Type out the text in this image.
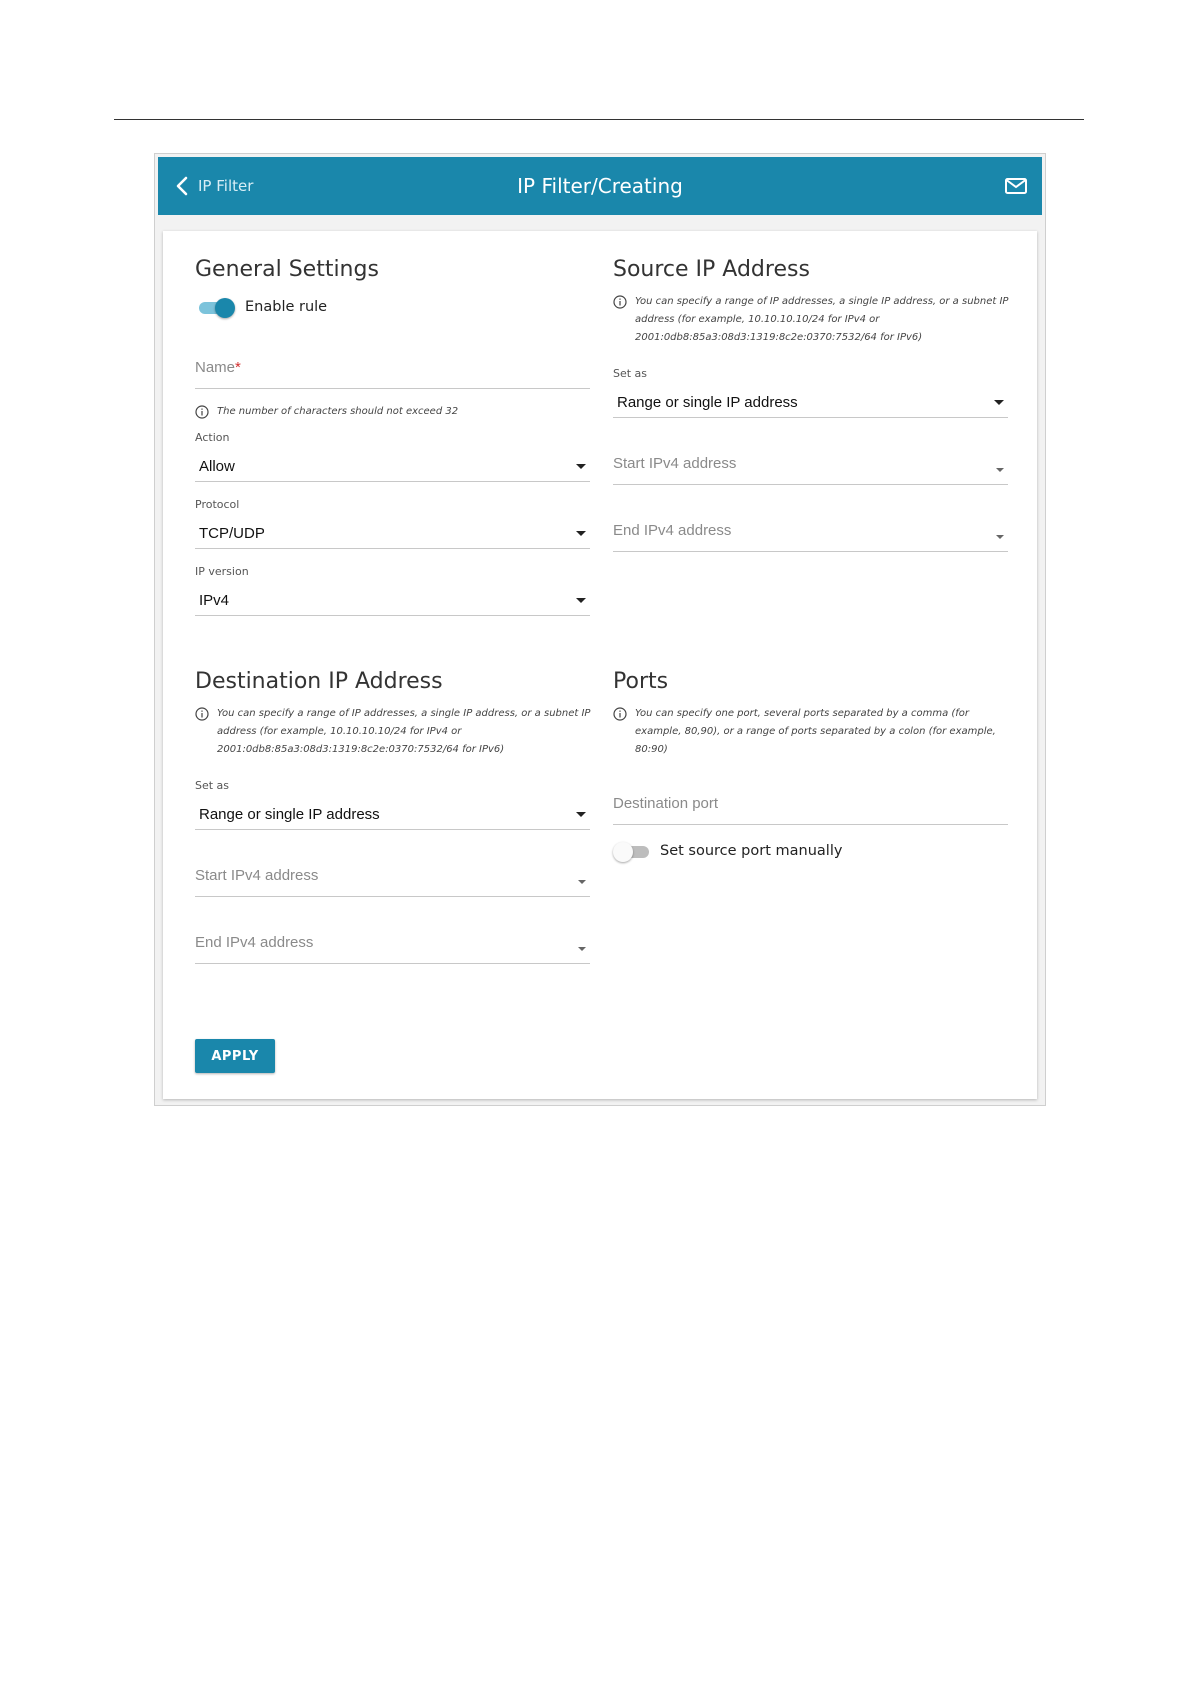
IP Filter	IP Filter/Creating
General Settings
Enable rule
Name*
The number of characters should not exceed 32
Action
Allow
Protocol
TCP/UDP
IP version
IPv4
Source IP Address
You can specify a range of IP addresses, a single IP address, or a subnet IP address (for example, 10.10.10.10/24 for IPv4 or 2001:0db8:85a3:08d3:1319:8c2e:0370:7532/64 for IPv6)
Set as
Range or single IP address
Start IPv4 address
End IPv4 address
Destination IP Address
You can specify a range of IP addresses, a single IP address, or a subnet IP address (for example, 10.10.10.10/24 for IPv4 or 2001:0db8:85a3:08d3:1319:8c2e:0370:7532/64 for IPv6)
Set as
Range or single IP address
Start IPv4 address
End IPv4 address
Ports
You can specify one port, several ports separated by a comma (for example, 80,90), or a range of ports separated by a colon (for example, 80:90)
Destination port
Set source port manually
APPLY
